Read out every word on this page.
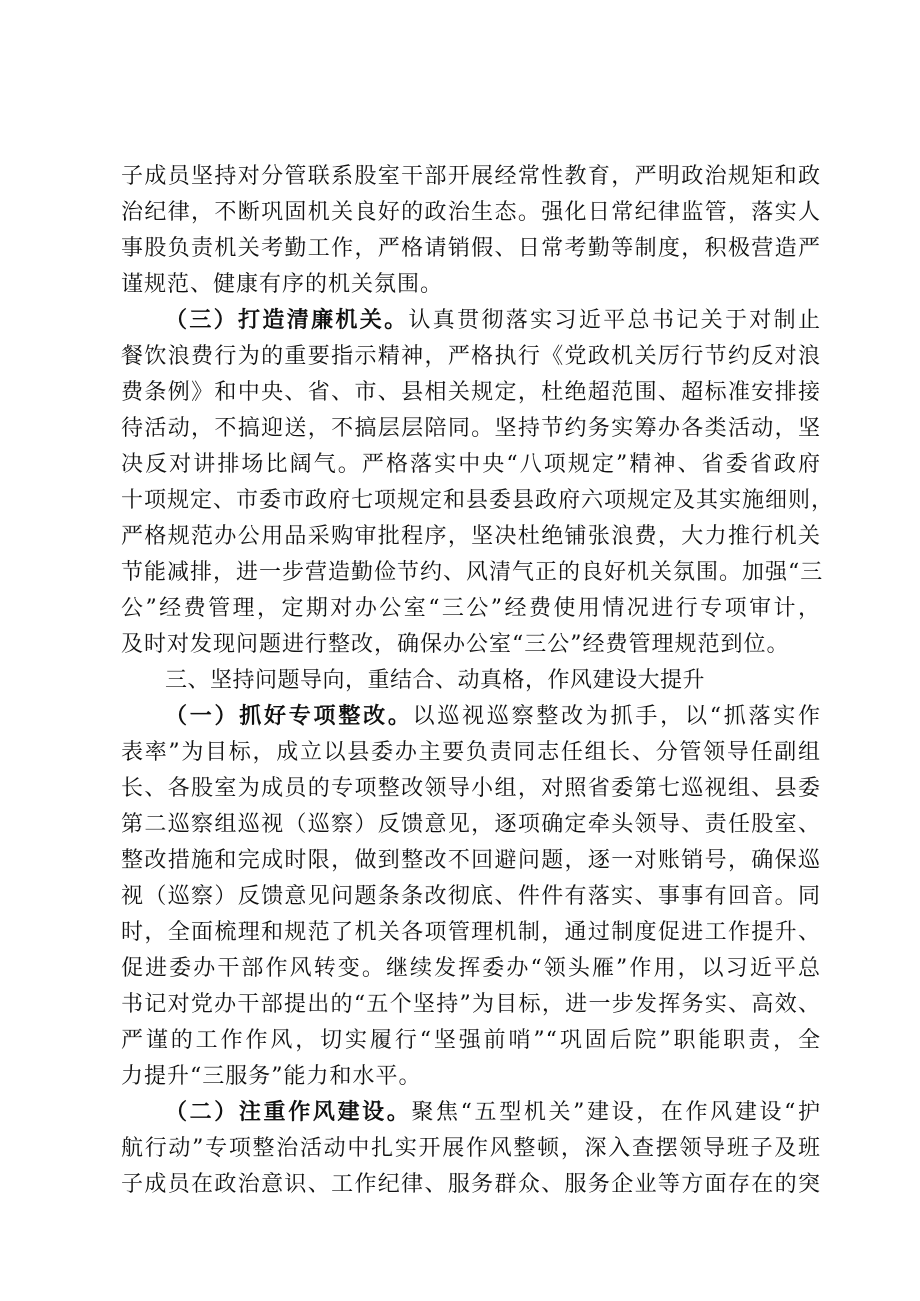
子成员坚持对分管联系股室干部开展经常性教育，严明政治规矩和政
治纪律，不断巩固机关良好的政治生态。强化日常纪律监管，落实人
事股负责机关考勤工作，严格请销假、日常考勤等制度，积极营造严
谨规范、健康有序的机关氛围。
（三）打造清廉机关。认真贯彻落实习近平总书记关于对制止
餐饮浪费行为的重要指示精神，严格执行《党政机关厉行节约反对浪
费条例》和中央、省、市、县相关规定，杜绝超范围、超标准安排接
待活动，不搞迎送，不搞层层陪同。坚持节约务实筹办各类活动，坚
决反对讲排场比阔气。严格落实中央“八项规定”精神、省委省政府
十项规定、市委市政府七项规定和县委县政府六项规定及其实施细则，
严格规范办公用品采购审批程序，坚决杜绝铺张浪费，大力推行机关
节能减排，进一步营造勤俭节约、风清气正的良好机关氛围。加强“三
公”经费管理，定期对办公室“三公”经费使用情况进行专项审计，
及时对发现问题进行整改，确保办公室“三公”经费管理规范到位。
三、坚持问题导向，重结合、动真格，作风建设大提升
（一）抓好专项整改。以巡视巡察整改为抓手，以“抓落实作
表率”为目标，成立以县委办主要负责同志任组长、分管领导任副组
长、各股室为成员的专项整改领导小组，对照省委第七巡视组、县委
第二巡察组巡视（巡察）反馈意见，逐项确定牵头领导、责任股室、
整改措施和完成时限，做到整改不回避问题，逐一对账销号，确保巡
视（巡察）反馈意见问题条条改彻底、件件有落实、事事有回音。同
时，全面梳理和规范了机关各项管理机制，通过制度促进工作提升、
促进委办干部作风转变。继续发挥委办“领头雁”作用，以习近平总
书记对党办干部提出的“五个坚持”为目标，进一步发挥务实、高效、
严谨的工作作风，切实履行“坚强前哨”“巩固后院”职能职责，全
力提升“三服务”能力和水平。
（二）注重作风建设。聚焦“五型机关”建设，在作风建设“护
航行动”专项整治活动中扎实开展作风整顿，深入查摆领导班子及班
子成员在政治意识、工作纪律、服务群众、服务企业等方面存在的突
